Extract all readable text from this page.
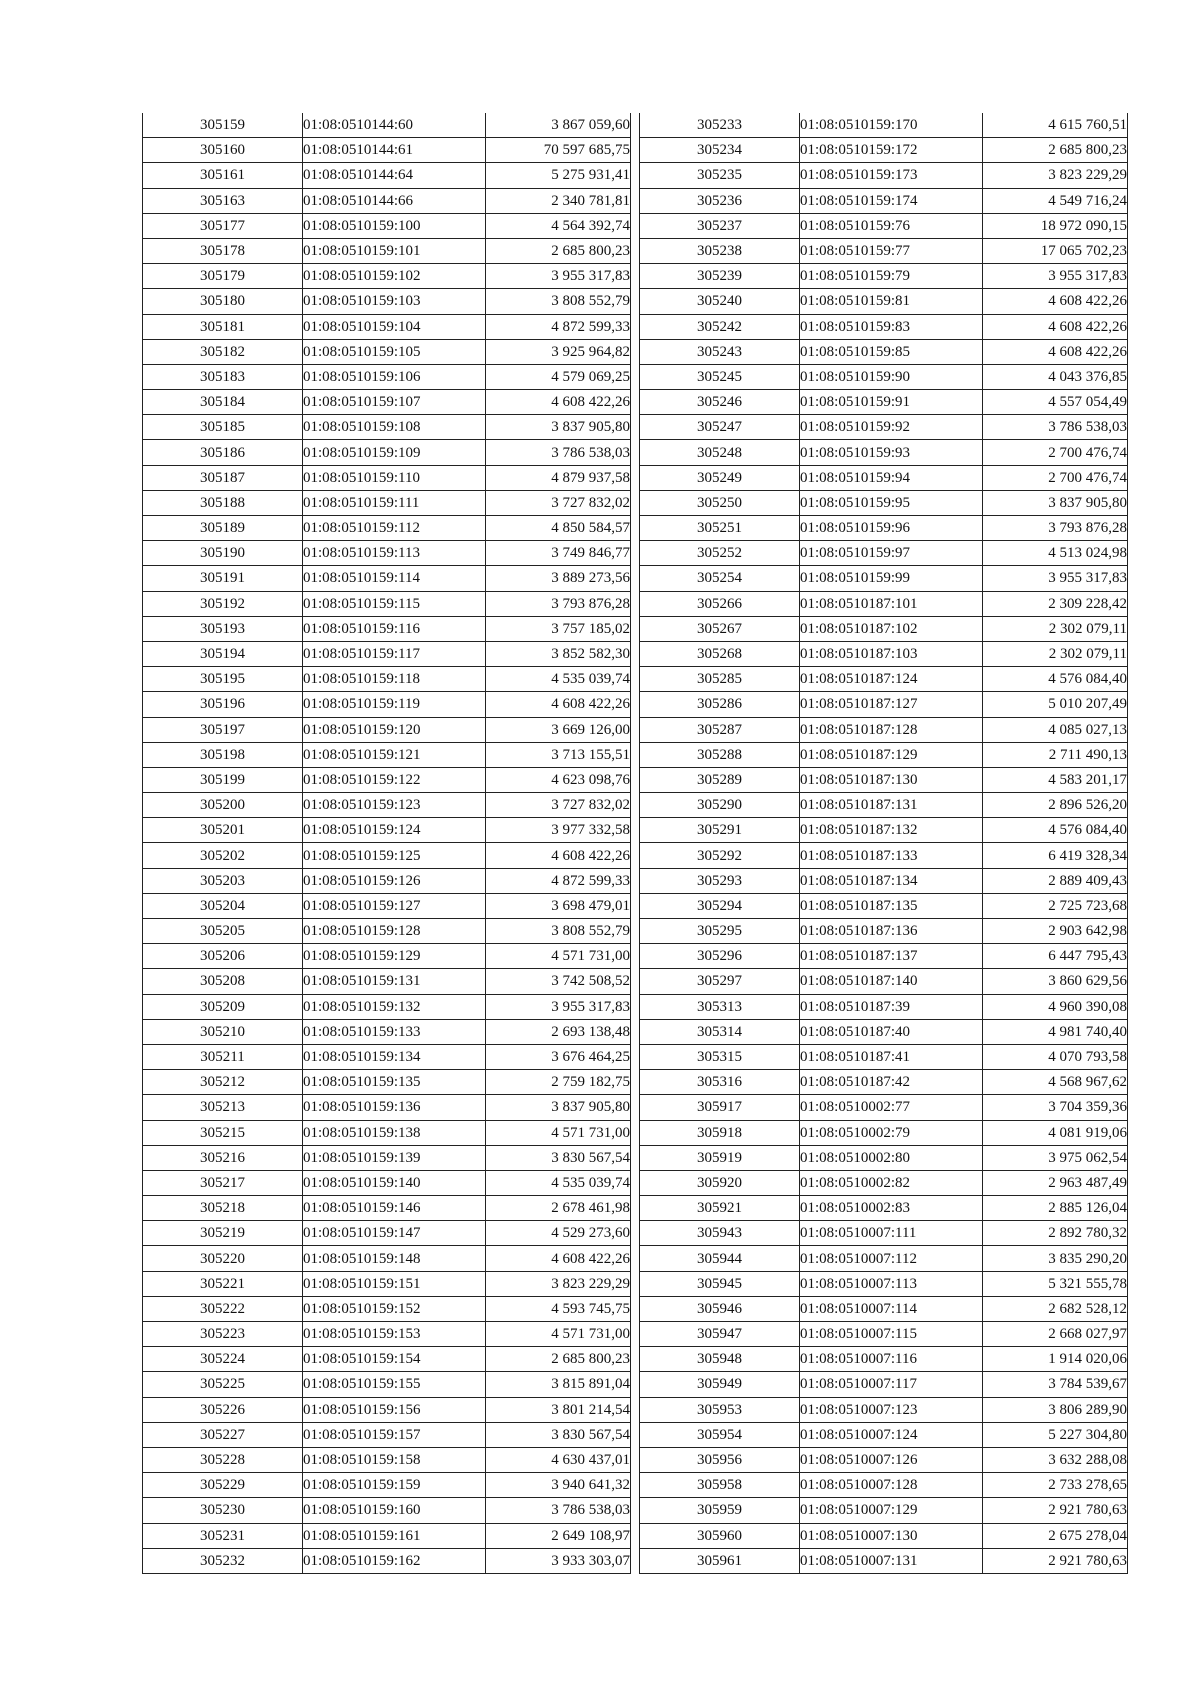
305159	01:08:0510144:60	3 867 059,60
305160	01:08:0510144:61	70 597 685,75
305161	01:08:0510144:64	5 275 931,41
305163	01:08:0510144:66	2 340 781,81
305177	01:08:0510159:100	4 564 392,74
305178	01:08:0510159:101	2 685 800,23
305179	01:08:0510159:102	3 955 317,83
305180	01:08:0510159:103	3 808 552,79
305181	01:08:0510159:104	4 872 599,33
305182	01:08:0510159:105	3 925 964,82
305183	01:08:0510159:106	4 579 069,25
305184	01:08:0510159:107	4 608 422,26
305185	01:08:0510159:108	3 837 905,80
305186	01:08:0510159:109	3 786 538,03
305187	01:08:0510159:110	4 879 937,58
305188	01:08:0510159:111	3 727 832,02
305189	01:08:0510159:112	4 850 584,57
305190	01:08:0510159:113	3 749 846,77
305191	01:08:0510159:114	3 889 273,56
305192	01:08:0510159:115	3 793 876,28
305193	01:08:0510159:116	3 757 185,02
305194	01:08:0510159:117	3 852 582,30
305195	01:08:0510159:118	4 535 039,74
305196	01:08:0510159:119	4 608 422,26
305197	01:08:0510159:120	3 669 126,00
305198	01:08:0510159:121	3 713 155,51
305199	01:08:0510159:122	4 623 098,76
305200	01:08:0510159:123	3 727 832,02
305201	01:08:0510159:124	3 977 332,58
305202	01:08:0510159:125	4 608 422,26
305203	01:08:0510159:126	4 872 599,33
305204	01:08:0510159:127	3 698 479,01
305205	01:08:0510159:128	3 808 552,79
305206	01:08:0510159:129	4 571 731,00
305208	01:08:0510159:131	3 742 508,52
305209	01:08:0510159:132	3 955 317,83
305210	01:08:0510159:133	2 693 138,48
305211	01:08:0510159:134	3 676 464,25
305212	01:08:0510159:135	2 759 182,75
305213	01:08:0510159:136	3 837 905,80
305215	01:08:0510159:138	4 571 731,00
305216	01:08:0510159:139	3 830 567,54
305217	01:08:0510159:140	4 535 039,74
305218	01:08:0510159:146	2 678 461,98
305219	01:08:0510159:147	4 529 273,60
305220	01:08:0510159:148	4 608 422,26
305221	01:08:0510159:151	3 823 229,29
305222	01:08:0510159:152	4 593 745,75
305223	01:08:0510159:153	4 571 731,00
305224	01:08:0510159:154	2 685 800,23
305225	01:08:0510159:155	3 815 891,04
305226	01:08:0510159:156	3 801 214,54
305227	01:08:0510159:157	3 830 567,54
305228	01:08:0510159:158	4 630 437,01
305229	01:08:0510159:159	3 940 641,32
305230	01:08:0510159:160	3 786 538,03
305231	01:08:0510159:161	2 649 108,97
305232	01:08:0510159:162	3 933 303,07
305233	01:08:0510159:170	4 615 760,51
305234	01:08:0510159:172	2 685 800,23
305235	01:08:0510159:173	3 823 229,29
305236	01:08:0510159:174	4 549 716,24
305237	01:08:0510159:76	18 972 090,15
305238	01:08:0510159:77	17 065 702,23
305239	01:08:0510159:79	3 955 317,83
305240	01:08:0510159:81	4 608 422,26
305242	01:08:0510159:83	4 608 422,26
305243	01:08:0510159:85	4 608 422,26
305245	01:08:0510159:90	4 043 376,85
305246	01:08:0510159:91	4 557 054,49
305247	01:08:0510159:92	3 786 538,03
305248	01:08:0510159:93	2 700 476,74
305249	01:08:0510159:94	2 700 476,74
305250	01:08:0510159:95	3 837 905,80
305251	01:08:0510159:96	3 793 876,28
305252	01:08:0510159:97	4 513 024,98
305254	01:08:0510159:99	3 955 317,83
305266	01:08:0510187:101	2 309 228,42
305267	01:08:0510187:102	2 302 079,11
305268	01:08:0510187:103	2 302 079,11
305285	01:08:0510187:124	4 576 084,40
305286	01:08:0510187:127	5 010 207,49
305287	01:08:0510187:128	4 085 027,13
305288	01:08:0510187:129	2 711 490,13
305289	01:08:0510187:130	4 583 201,17
305290	01:08:0510187:131	2 896 526,20
305291	01:08:0510187:132	4 576 084,40
305292	01:08:0510187:133	6 419 328,34
305293	01:08:0510187:134	2 889 409,43
305294	01:08:0510187:135	2 725 723,68
305295	01:08:0510187:136	2 903 642,98
305296	01:08:0510187:137	6 447 795,43
305297	01:08:0510187:140	3 860 629,56
305313	01:08:0510187:39	4 960 390,08
305314	01:08:0510187:40	4 981 740,40
305315	01:08:0510187:41	4 070 793,58
305316	01:08:0510187:42	4 568 967,62
305917	01:08:0510002:77	3 704 359,36
305918	01:08:0510002:79	4 081 919,06
305919	01:08:0510002:80	3 975 062,54
305920	01:08:0510002:82	2 963 487,49
305921	01:08:0510002:83	2 885 126,04
305943	01:08:0510007:111	2 892 780,32
305944	01:08:0510007:112	3 835 290,20
305945	01:08:0510007:113	5 321 555,78
305946	01:08:0510007:114	2 682 528,12
305947	01:08:0510007:115	2 668 027,97
305948	01:08:0510007:116	1 914 020,06
305949	01:08:0510007:117	3 784 539,67
305953	01:08:0510007:123	3 806 289,90
305954	01:08:0510007:124	5 227 304,80
305956	01:08:0510007:126	3 632 288,08
305958	01:08:0510007:128	2 733 278,65
305959	01:08:0510007:129	2 921 780,63
305960	01:08:0510007:130	2 675 278,04
305961	01:08:0510007:131	2 921 780,63
